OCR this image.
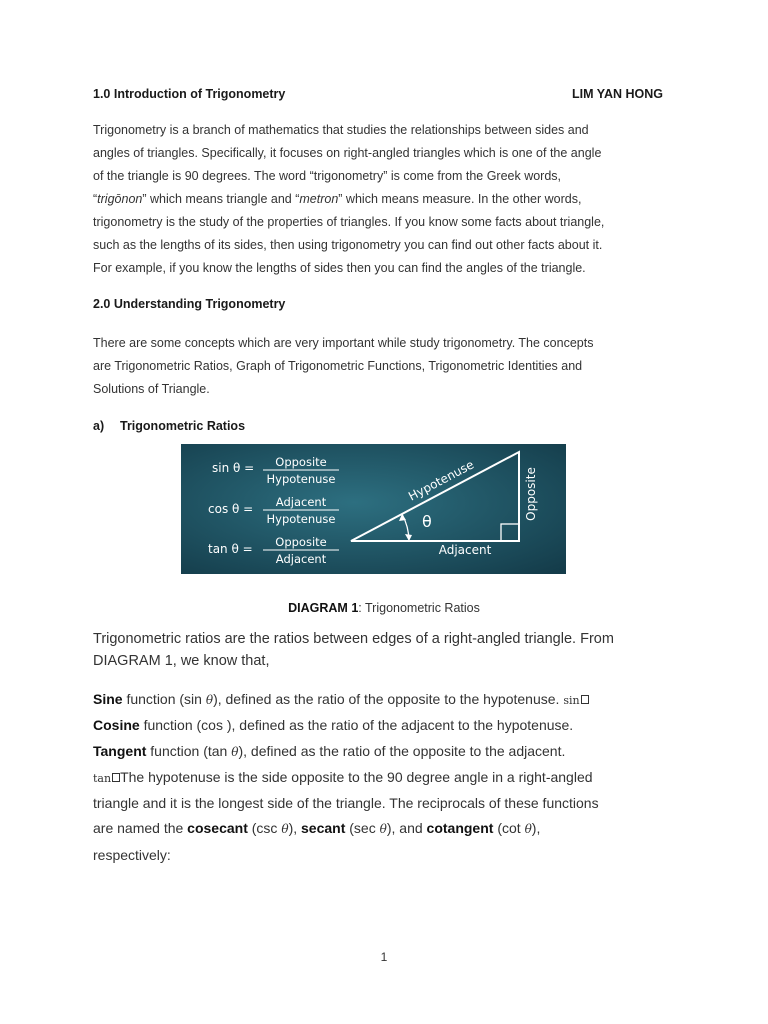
1.0 Introduction of Trigonometry	LIM YAN HONG
Trigonometry is a branch of mathematics that studies the relationships between sides and
angles of triangles. Specifically, it focuses on right-angled triangles which is one of the angle
of the triangle is 90 degrees. The word “trigonometry” is come from the Greek words,
“trigōnon” which means triangle and “metron” which means measure. In the other words,
trigonometry is the study of the properties of triangles. If you know some facts about triangle,
such as the lengths of its sides, then using trigonometry you can find out other facts about it.
For example, if you know the lengths of sides then you can find the angles of the triangle.
2.0 Understanding Trigonometry
There are some concepts which are very important while study trigonometry. The concepts
are Trigonometric Ratios, Graph of Trigonometric Functions, Trigonometric Identities and
Solutions of Triangle.
a) Trigonometric Ratios
sin θ = Opposite
Hypotenuse
cos θ = Adjacent
Hypotenuse
tan θ = Opposite
Adjacent
θ
Hypotenuse	Opposite
Adjacent
DIAGRAM 1: Trigonometric Ratios
Trigonometric ratios are the ratios between edges of a right-angled triangle. From
DIAGRAM 1, we know that,
Sine function (sin θ), defined as the ratio of the opposite to the hypotenuse. sin
Cosine function (cos ), defined as the ratio of the adjacent to the hypotenuse.
Tangent function (tan θ), defined as the ratio of the opposite to the adjacent.
tan The hypotenuse is the side opposite to the 90 degree angle in a right-angled
triangle and it is the longest side of the triangle. The reciprocals of these functions
are named the cosecant (csc θ), secant (sec θ), and cotangent (cot θ),
respectively:
1
